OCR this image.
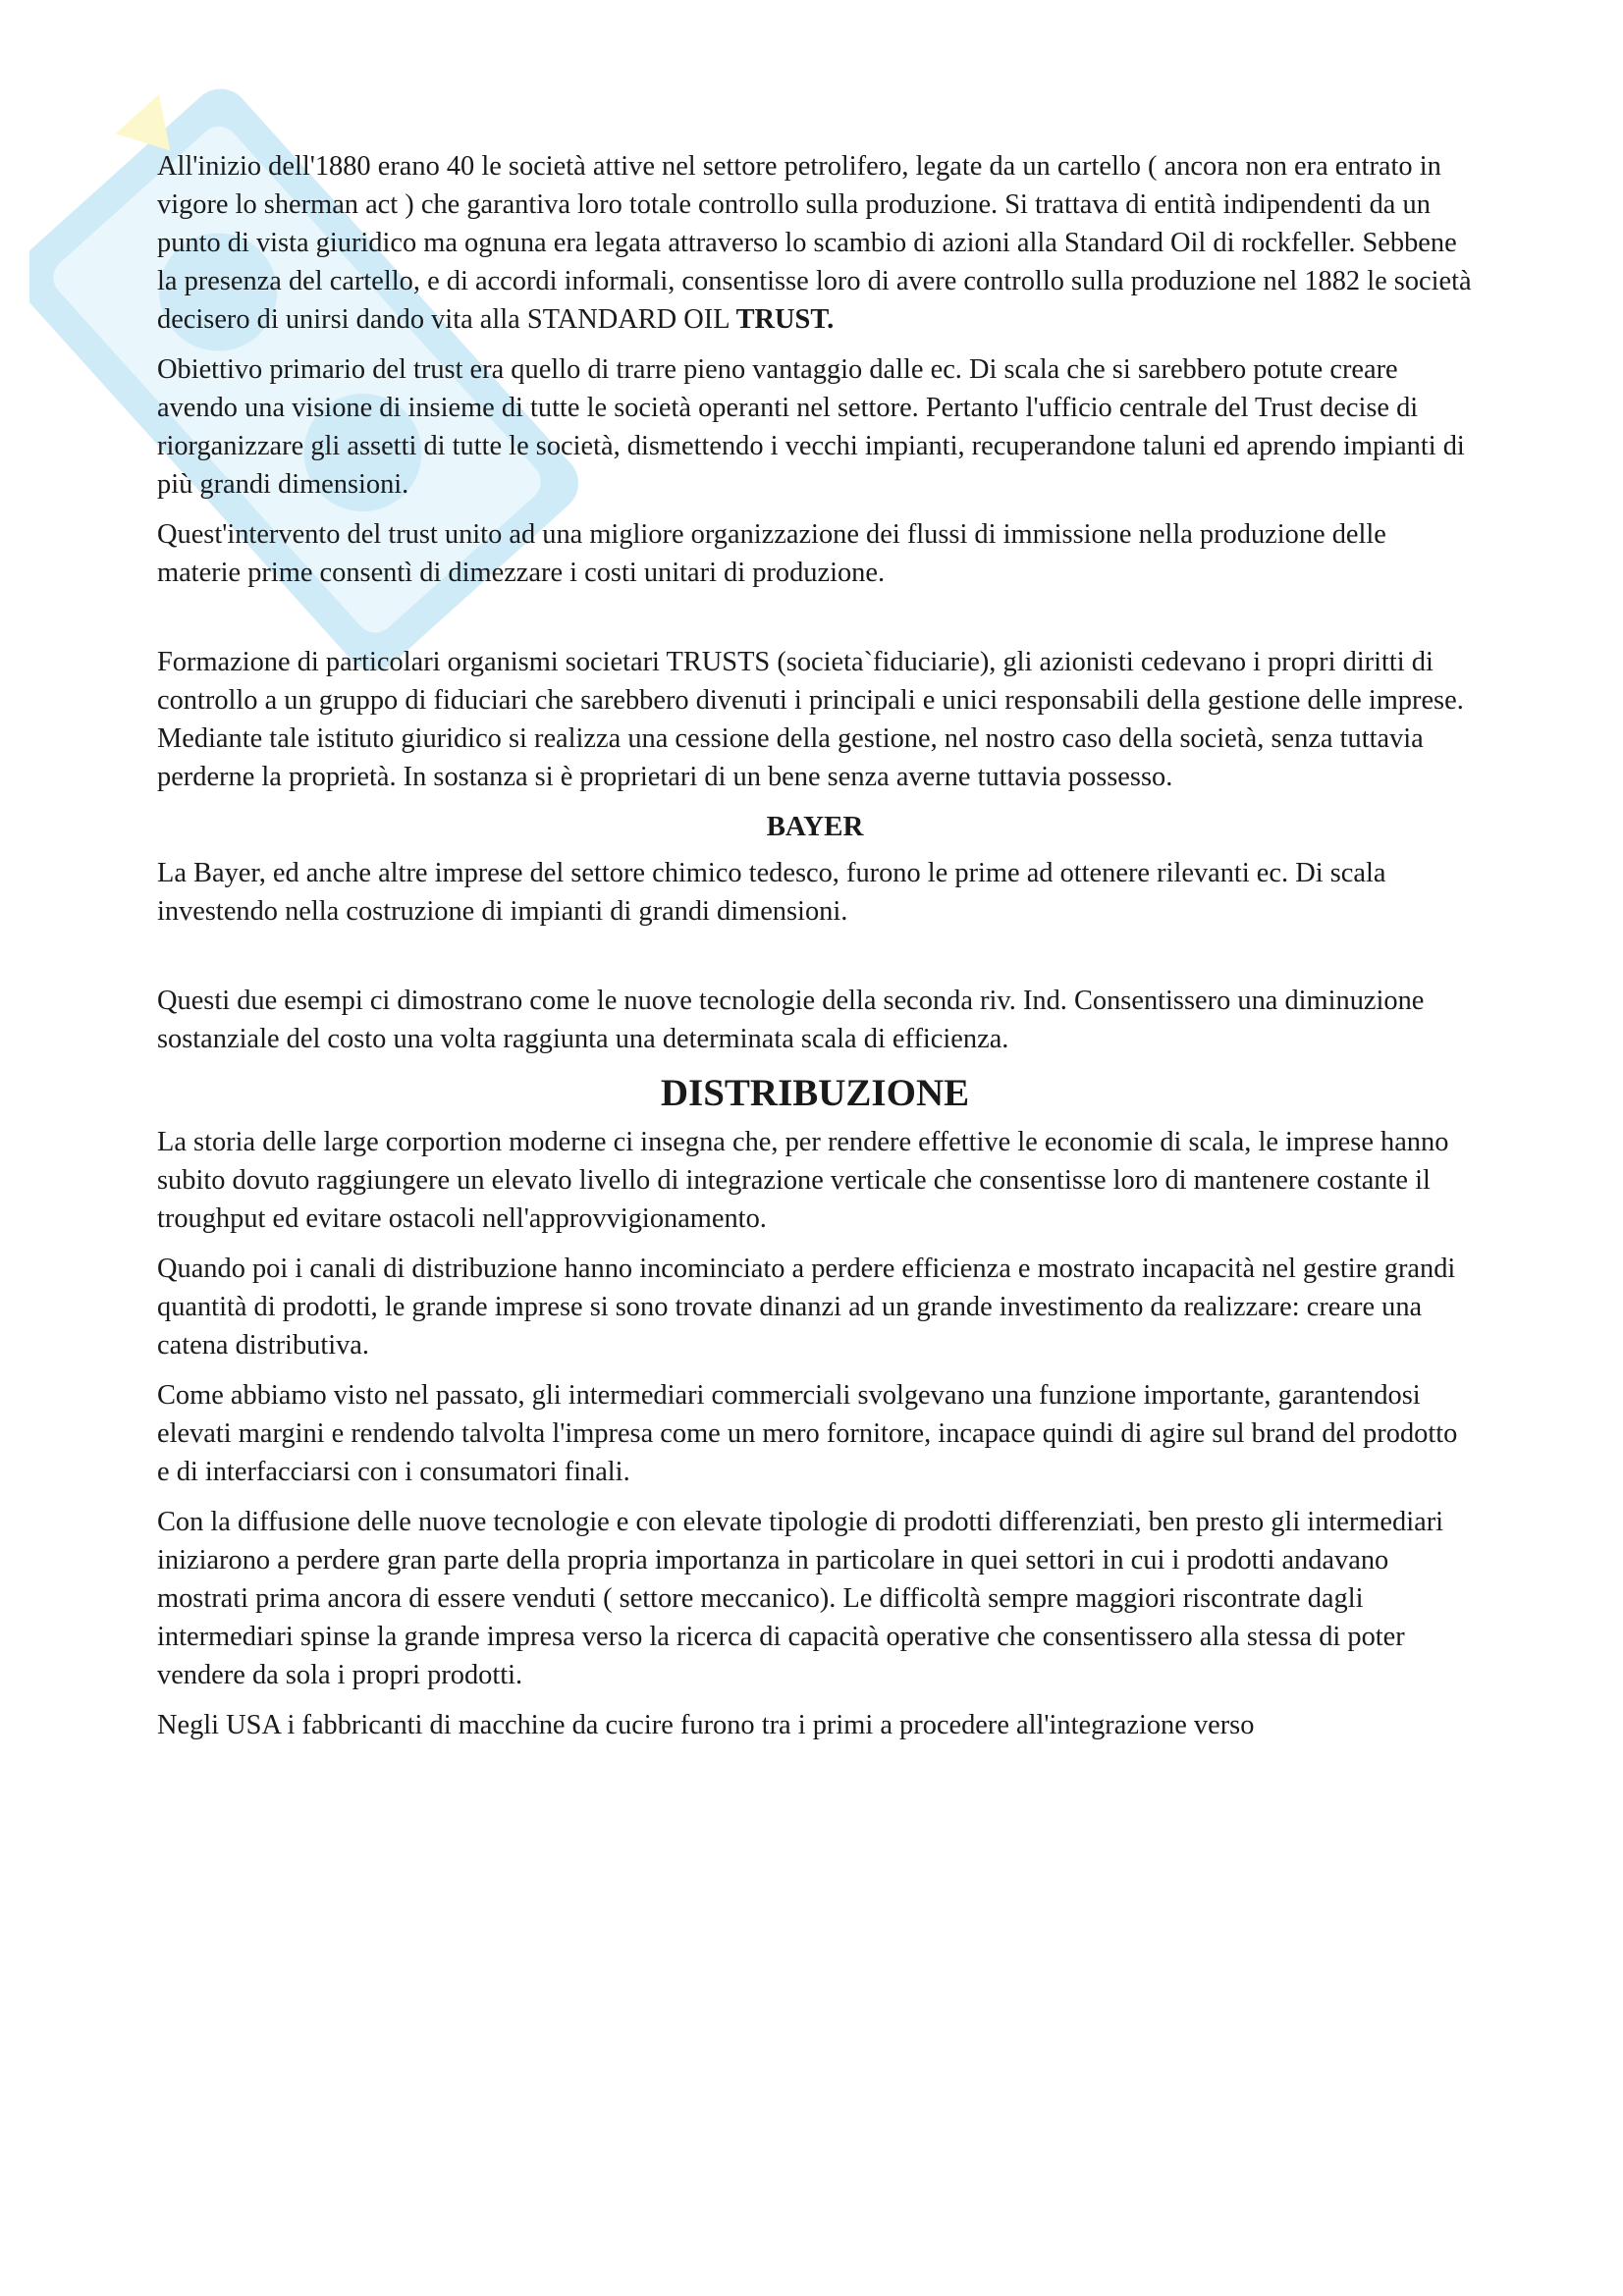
All'inizio dell'1880 erano 40 le società attive nel settore petrolifero, legate da un cartello ( ancora non era entrato in vigore lo sherman act ) che garantiva loro totale controllo sulla produzione. Si trattava di entità indipendenti da un punto di vista giuridico ma ognuna era legata attraverso lo scambio di azioni alla Standard Oil di rockfeller. Sebbene la presenza del cartello, e di accordi informali, consentisse loro di avere controllo sulla produzione nel 1882 le società decisero di unirsi dando vita alla STANDARD OIL TRUST.

Obiettivo primario del trust era quello di trarre pieno vantaggio dalle ec. Di scala che si sarebbero potute creare avendo una visione di insieme di tutte le società operanti nel settore. Pertanto l'ufficio centrale del Trust decise di riorganizzare gli assetti di tutte le società, dismettendo i vecchi impianti, recuperandone taluni ed aprendo impianti di più grandi dimensioni.

Quest'intervento del trust unito ad una migliore organizzazione dei flussi di immissione nella produzione delle materie prime consentì di dimezzare i costi unitari di produzione.

Formazione di particolari organismi societari TRUSTS (societa`fiduciarie), gli azionisti cedevano i propri diritti di controllo a un gruppo di fiduciari che sarebbero divenuti i principali e unici responsabili della gestione delle imprese. Mediante tale istituto giuridico si realizza una cessione della gestione, nel nostro caso della società, senza tuttavia perderne la proprietà. In sostanza si è proprietari di un bene senza averne tuttavia possesso.

BAYER

La Bayer, ed anche altre imprese del settore chimico tedesco, furono le prime ad ottenere rilevanti ec. Di scala investendo nella costruzione di impianti di grandi dimensioni.

Questi due esempi ci dimostrano come le nuove tecnologie della seconda riv. Ind. Consentissero una diminuzione sostanziale del costo una volta raggiunta una determinata scala di efficienza.

DISTRIBUZIONE

La storia delle large corportion moderne ci insegna che, per rendere effettive le economie di scala, le imprese hanno subito dovuto raggiungere un elevato livello di integrazione verticale che consentisse loro di mantenere costante il troughput ed evitare ostacoli nell'approvvigionamento.

Quando poi i canali di distribuzione hanno incominciato a perdere efficienza e mostrato incapacità nel gestire grandi quantità di prodotti, le grande imprese si sono trovate dinanzi ad un grande investimento da realizzare: creare una catena distributiva.

Come abbiamo visto nel passato, gli intermediari commerciali svolgevano una funzione importante, garantendosi elevati margini e rendendo talvolta l'impresa come un mero fornitore, incapace quindi di agire sul brand del prodotto e di interfacciarsi con i consumatori finali.

Con la diffusione delle nuove tecnologie e con elevate tipologie di prodotti differenziati, ben presto gli intermediari iniziarono a perdere gran parte della propria importanza in particolare in quei settori in cui i prodotti andavano mostrati prima ancora di essere venduti ( settore meccanico). Le difficoltà sempre maggiori riscontrate dagli intermediari spinse la grande impresa verso la ricerca di capacità operative che consentissero alla stessa di poter vendere da sola i propri prodotti.

Negli USA i fabbricanti di macchine da cucire furono tra i primi a procedere all'integrazione verso
